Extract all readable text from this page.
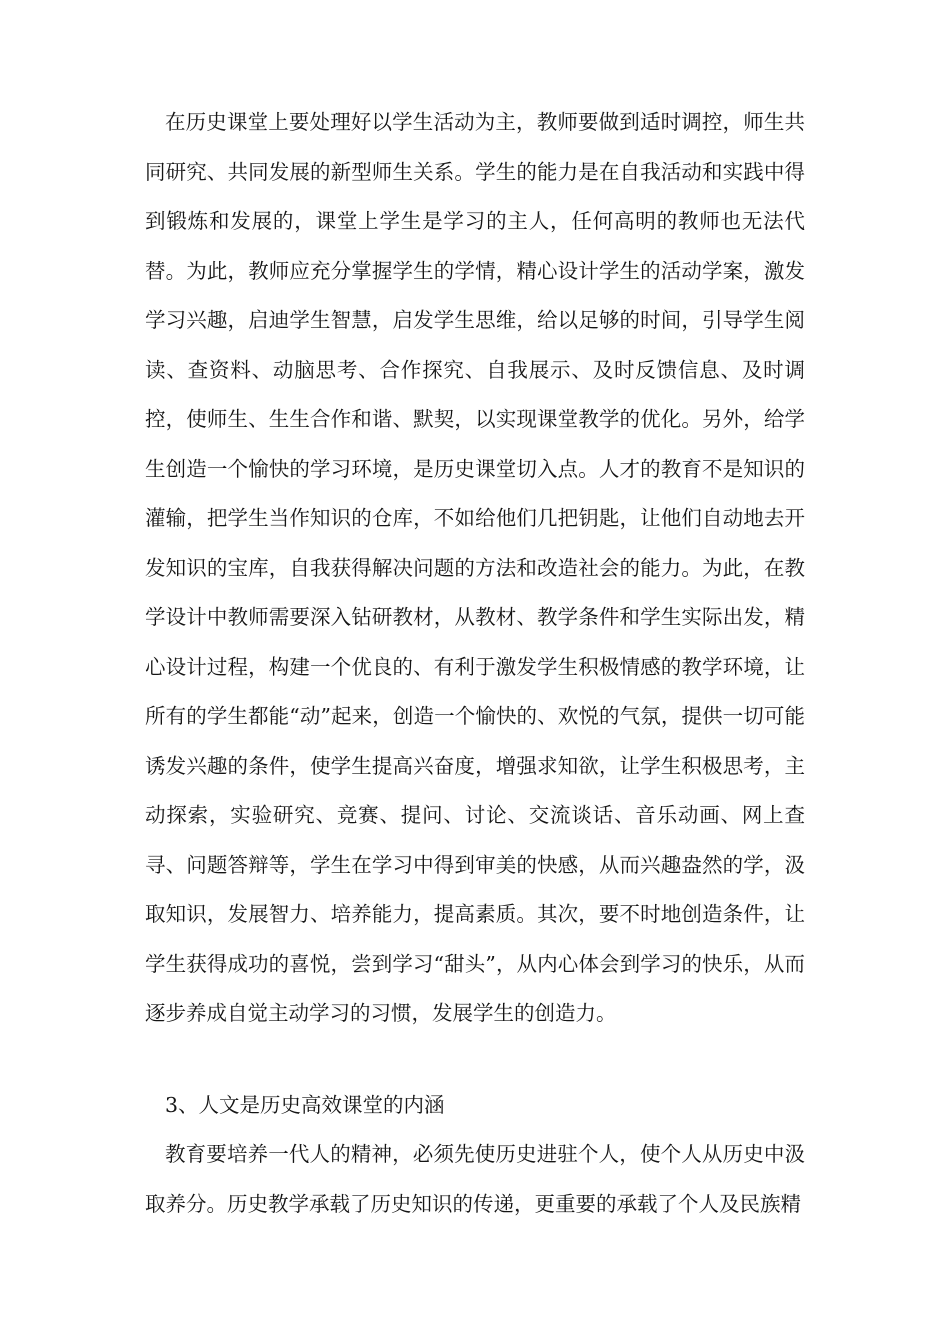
在历史课堂上要处理好以学生活动为主，教师要做到适时调控，师生共同研究、共同发展的新型师生关系。学生的能力是在自我活动和实践中得到锻炼和发展的，课堂上学生是学习的主人，任何高明的教师也无法代替。为此，教师应充分掌握学生的学情，精心设计学生的活动学案，激发学习兴趣，启迪学生智慧，启发学生思维，给以足够的时间，引导学生阅读、查资料、动脑思考、合作探究、自我展示、及时反馈信息、及时调控，使师生、生生合作和谐、默契，以实现课堂教学的优化。另外，给学生创造一个愉快的学习环境，是历史课堂切入点。人才的教育不是知识的灌输，把学生当作知识的仓库，不如给他们几把钥匙，让他们自动地去开发知识的宝库，自我获得解决问题的方法和改造社会的能力。为此，在教学设计中教师需要深入钻研教材，从教材、教学条件和学生实际出发，精心设计过程，构建一个优良的、有利于激发学生积极情感的教学环境，让所有的学生都能“动”起来，创造一个愉快的、欢悦的气氛，提供一切可能诱发兴趣的条件，使学生提高兴奋度，增强求知欲，让学生积极思考，主动探索，实验研究、竞赛、提问、讨论、交流谈话、音乐动画、网上查寻、问题答辩等，学生在学习中得到审美的快感，从而兴趣盎然的学，汲取知识，发展智力、培养能力，提高素质。其次，要不时地创造条件，让学生获得成功的喜悦，尝到学习“甜头”，从内心体会到学习的快乐，从而逐步养成自觉主动学习的习惯，发展学生的创造力。

3、人文是历史高效课堂的内涵

教育要培养一代人的精神，必须先使历史进驻个人，使个人从历史中汲取养分。历史教学承载了历史知识的传递，更重要的承载了个人及民族精
